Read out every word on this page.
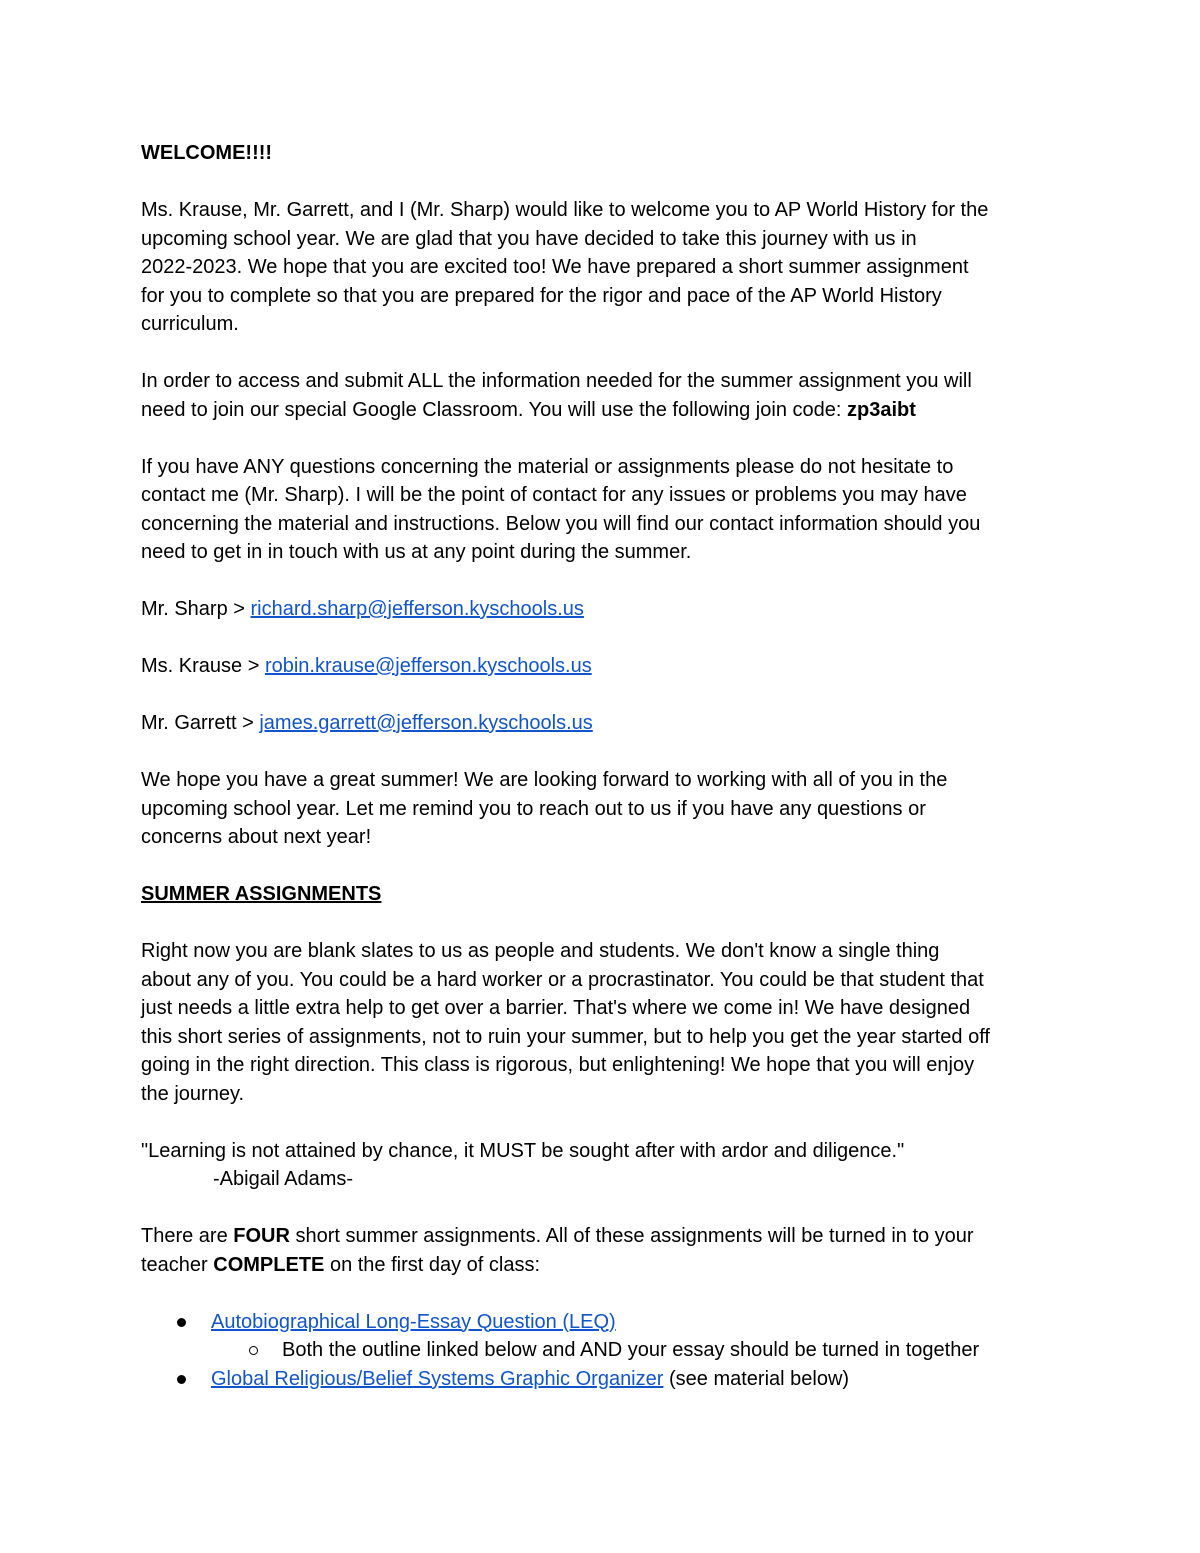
WELCOME!!!!
Ms. Krause, Mr. Garrett, and I (Mr. Sharp) would like to welcome you to AP World History for the
upcoming school year. We are glad that you have decided to take this journey with us in
2022-2023. We hope that you are excited too! We have prepared a short summer assignment
for you to complete so that you are prepared for the rigor and pace of the AP World History
curriculum.
In order to access and submit ALL the information needed for the summer assignment you will
need to join our special Google Classroom. You will use the following join code: zp3aibt
If you have ANY questions concerning the material or assignments please do not hesitate to
contact me (Mr. Sharp). I will be the point of contact for any issues or problems you may have
concerning the material and instructions. Below you will find our contact information should you
need to get in in touch with us at any point during the summer.
Mr. Sharp > richard.sharp@jefferson.kyschools.us
Ms. Krause > robin.krause@jefferson.kyschools.us
Mr. Garrett > james.garrett@jefferson.kyschools.us
We hope you have a great summer! We are looking forward to working with all of you in the
upcoming school year. Let me remind you to reach out to us if you have any questions or
concerns about next year!
SUMMER ASSIGNMENTS
Right now you are blank slates to us as people and students. We don't know a single thing
about any of you. You could be a hard worker or a procrastinator. You could be that student that
just needs a little extra help to get over a barrier. That's where we come in! We have designed
this short series of assignments, not to ruin your summer, but to help you get the year started off
going in the right direction. This class is rigorous, but enlightening! We hope that you will enjoy
the journey.
"Learning is not attained by chance, it MUST be sought after with ardor and diligence."
-Abigail Adams-
There are FOUR short summer assignments. All of these assignments will be turned in to your
teacher COMPLETE on the first day of class:
Autobiographical Long-Essay Question (LEQ)
Both the outline linked below and AND your essay should be turned in together
Global Religious/Belief Systems Graphic Organizer (see material below)
